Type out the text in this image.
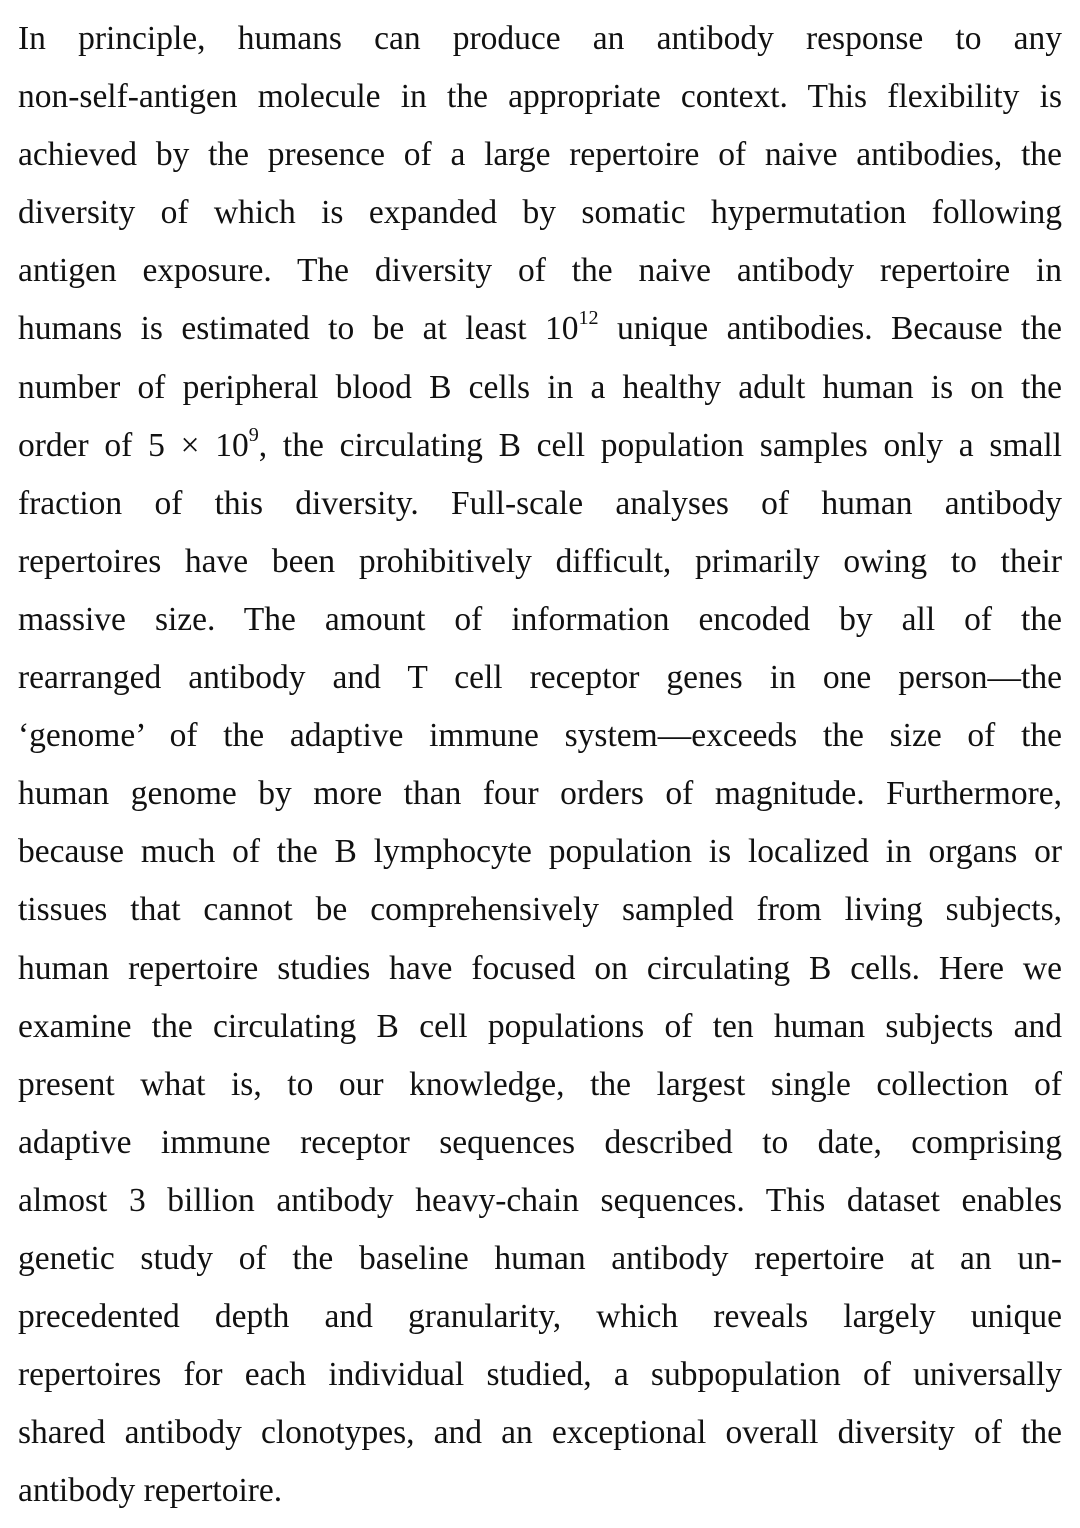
In principle, humans can produce an antibody response to any
non-self-antigen molecule in the appropriate context. This flexibility is
achieved by the presence of a large repertoire of naive antibodies, the
diversity of which is expanded by somatic hypermutation following
antigen exposure. The diversity of the naive antibody repertoire in
humans is estimated to be at least $10^{12}$ unique antibodies. Because the
number of peripheral blood B cells in a healthy adult human is on the
order of $5 \times 10^9$, the circulating B cell population samples only a small
fraction of this diversity. Full-scale analyses of human antibody
repertoires have been prohibitively difficult, primarily owing to their
massive size. The amount of information encoded by all of the
rearranged antibody and T cell receptor genes in one person—the
‘genome’ of the adaptive immune system—exceeds the size of the
human genome by more than four orders of magnitude. Furthermore,
because much of the B lymphocyte population is localized in organs or
tissues that cannot be comprehensively sampled from living subjects,
human repertoire studies have focused on circulating B cells. Here we
examine the circulating B cell populations of ten human subjects and
present what is, to our knowledge, the largest single collection of
adaptive immune receptor sequences described to date, comprising
almost 3 billion antibody heavy-chain sequences. This dataset enables
genetic study of the baseline human antibody repertoire at an un-
precedented depth and granularity, which reveals largely unique
repertoires for each individual studied, a subpopulation of universally
shared antibody clonotypes, and an exceptional overall diversity of the
antibody repertoire.
